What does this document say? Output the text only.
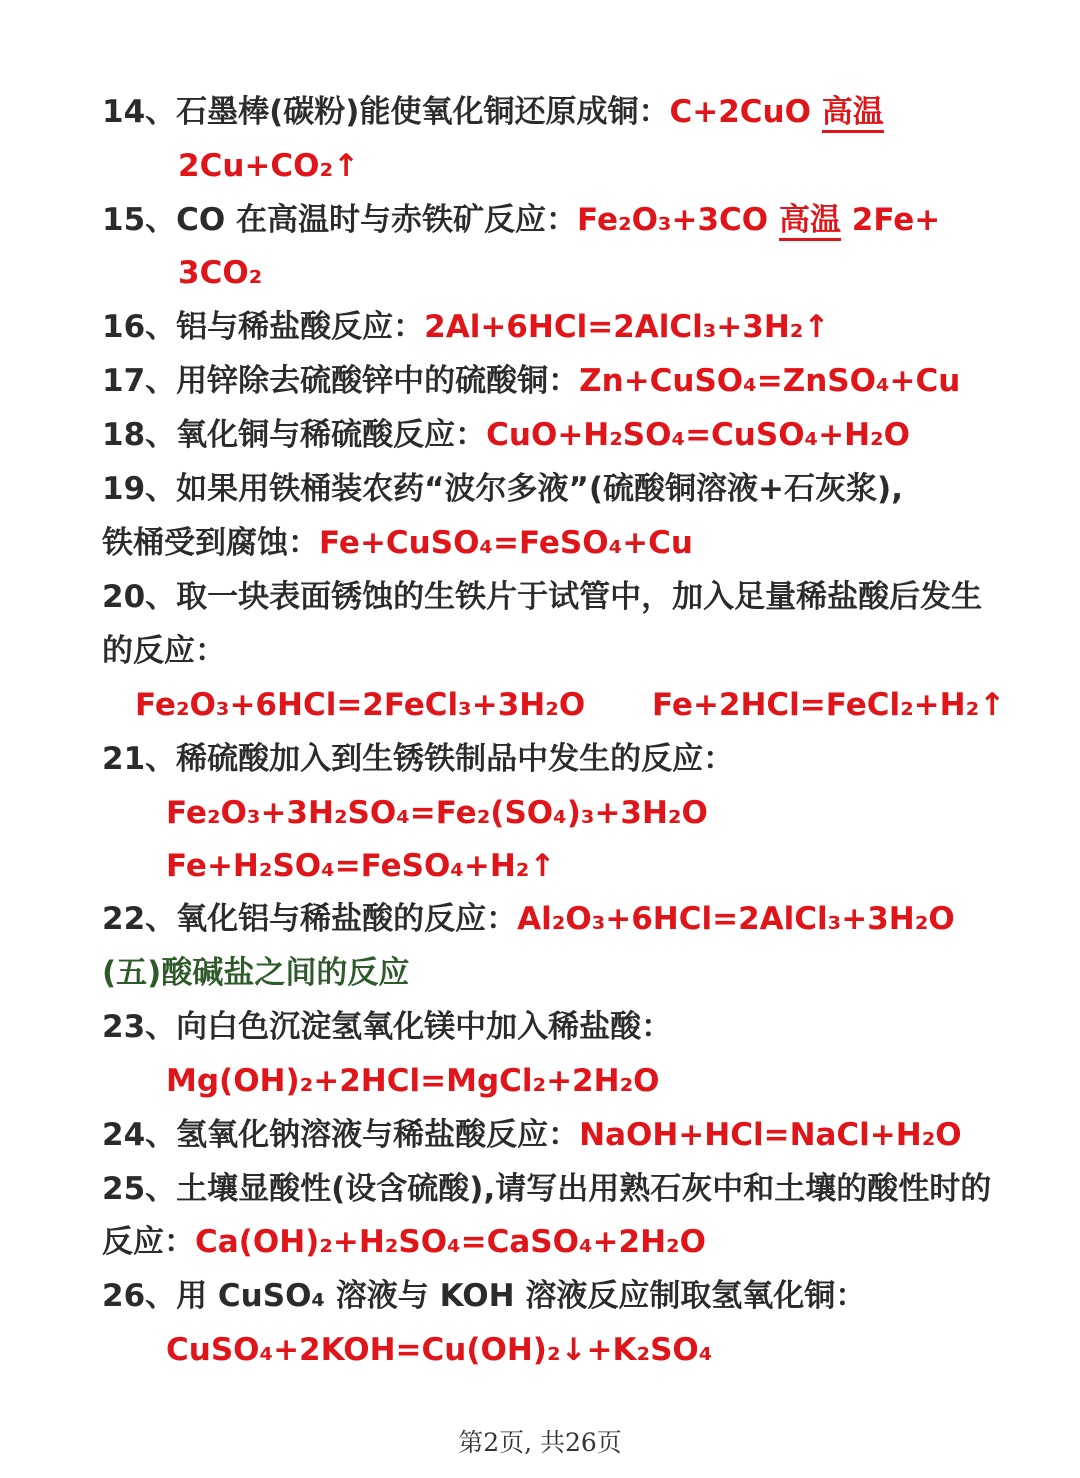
14、石墨棒(碳粉)能使氧化铜还原成铜：C+2CuO 高温
2Cu+CO₂↑
15、CO 在高温时与赤铁矿反应：Fe₂O₃+3CO 高温 2Fe+
3CO₂
16、铝与稀盐酸反应：2Al+6HCl=2AlCl₃+3H₂↑
17、用锌除去硫酸锌中的硫酸铜：Zn+CuSO₄=ZnSO₄+Cu
18、氧化铜与稀硫酸反应：CuO+H₂SO₄=CuSO₄+H₂O
19、如果用铁桶装农药“波尔多液”(硫酸铜溶液+石灰浆),
铁桶受到腐蚀：Fe+CuSO₄=FeSO₄+Cu
20、取一块表面锈蚀的生铁片于试管中，加入足量稀盐酸后发生
的反应：
Fe₂O₃+6HCl=2FeCl₃+3H₂O Fe+2HCl=FeCl₂+H₂↑
21、稀硫酸加入到生锈铁制品中发生的反应：
Fe₂O₃+3H₂SO₄=Fe₂(SO₄)₃+3H₂O
Fe+H₂SO₄=FeSO₄+H₂↑
22、氧化铝与稀盐酸的反应：Al₂O₃+6HCl=2AlCl₃+3H₂O
(五)酸碱盐之间的反应
23、向白色沉淀氢氧化镁中加入稀盐酸：
Mg(OH)₂+2HCl=MgCl₂+2H₂O
24、氢氧化钠溶液与稀盐酸反应：NaOH+HCl=NaCl+H₂O
25、土壤显酸性(设含硫酸),请写出用熟石灰中和土壤的酸性时的
反应：Ca(OH)₂+H₂SO₄=CaSO₄+2H₂O
26、用 CuSO₄ 溶液与 KOH 溶液反应制取氢氧化铜：
CuSO₄+2KOH=Cu(OH)₂↓+K₂SO₄
第2页, 共26页
